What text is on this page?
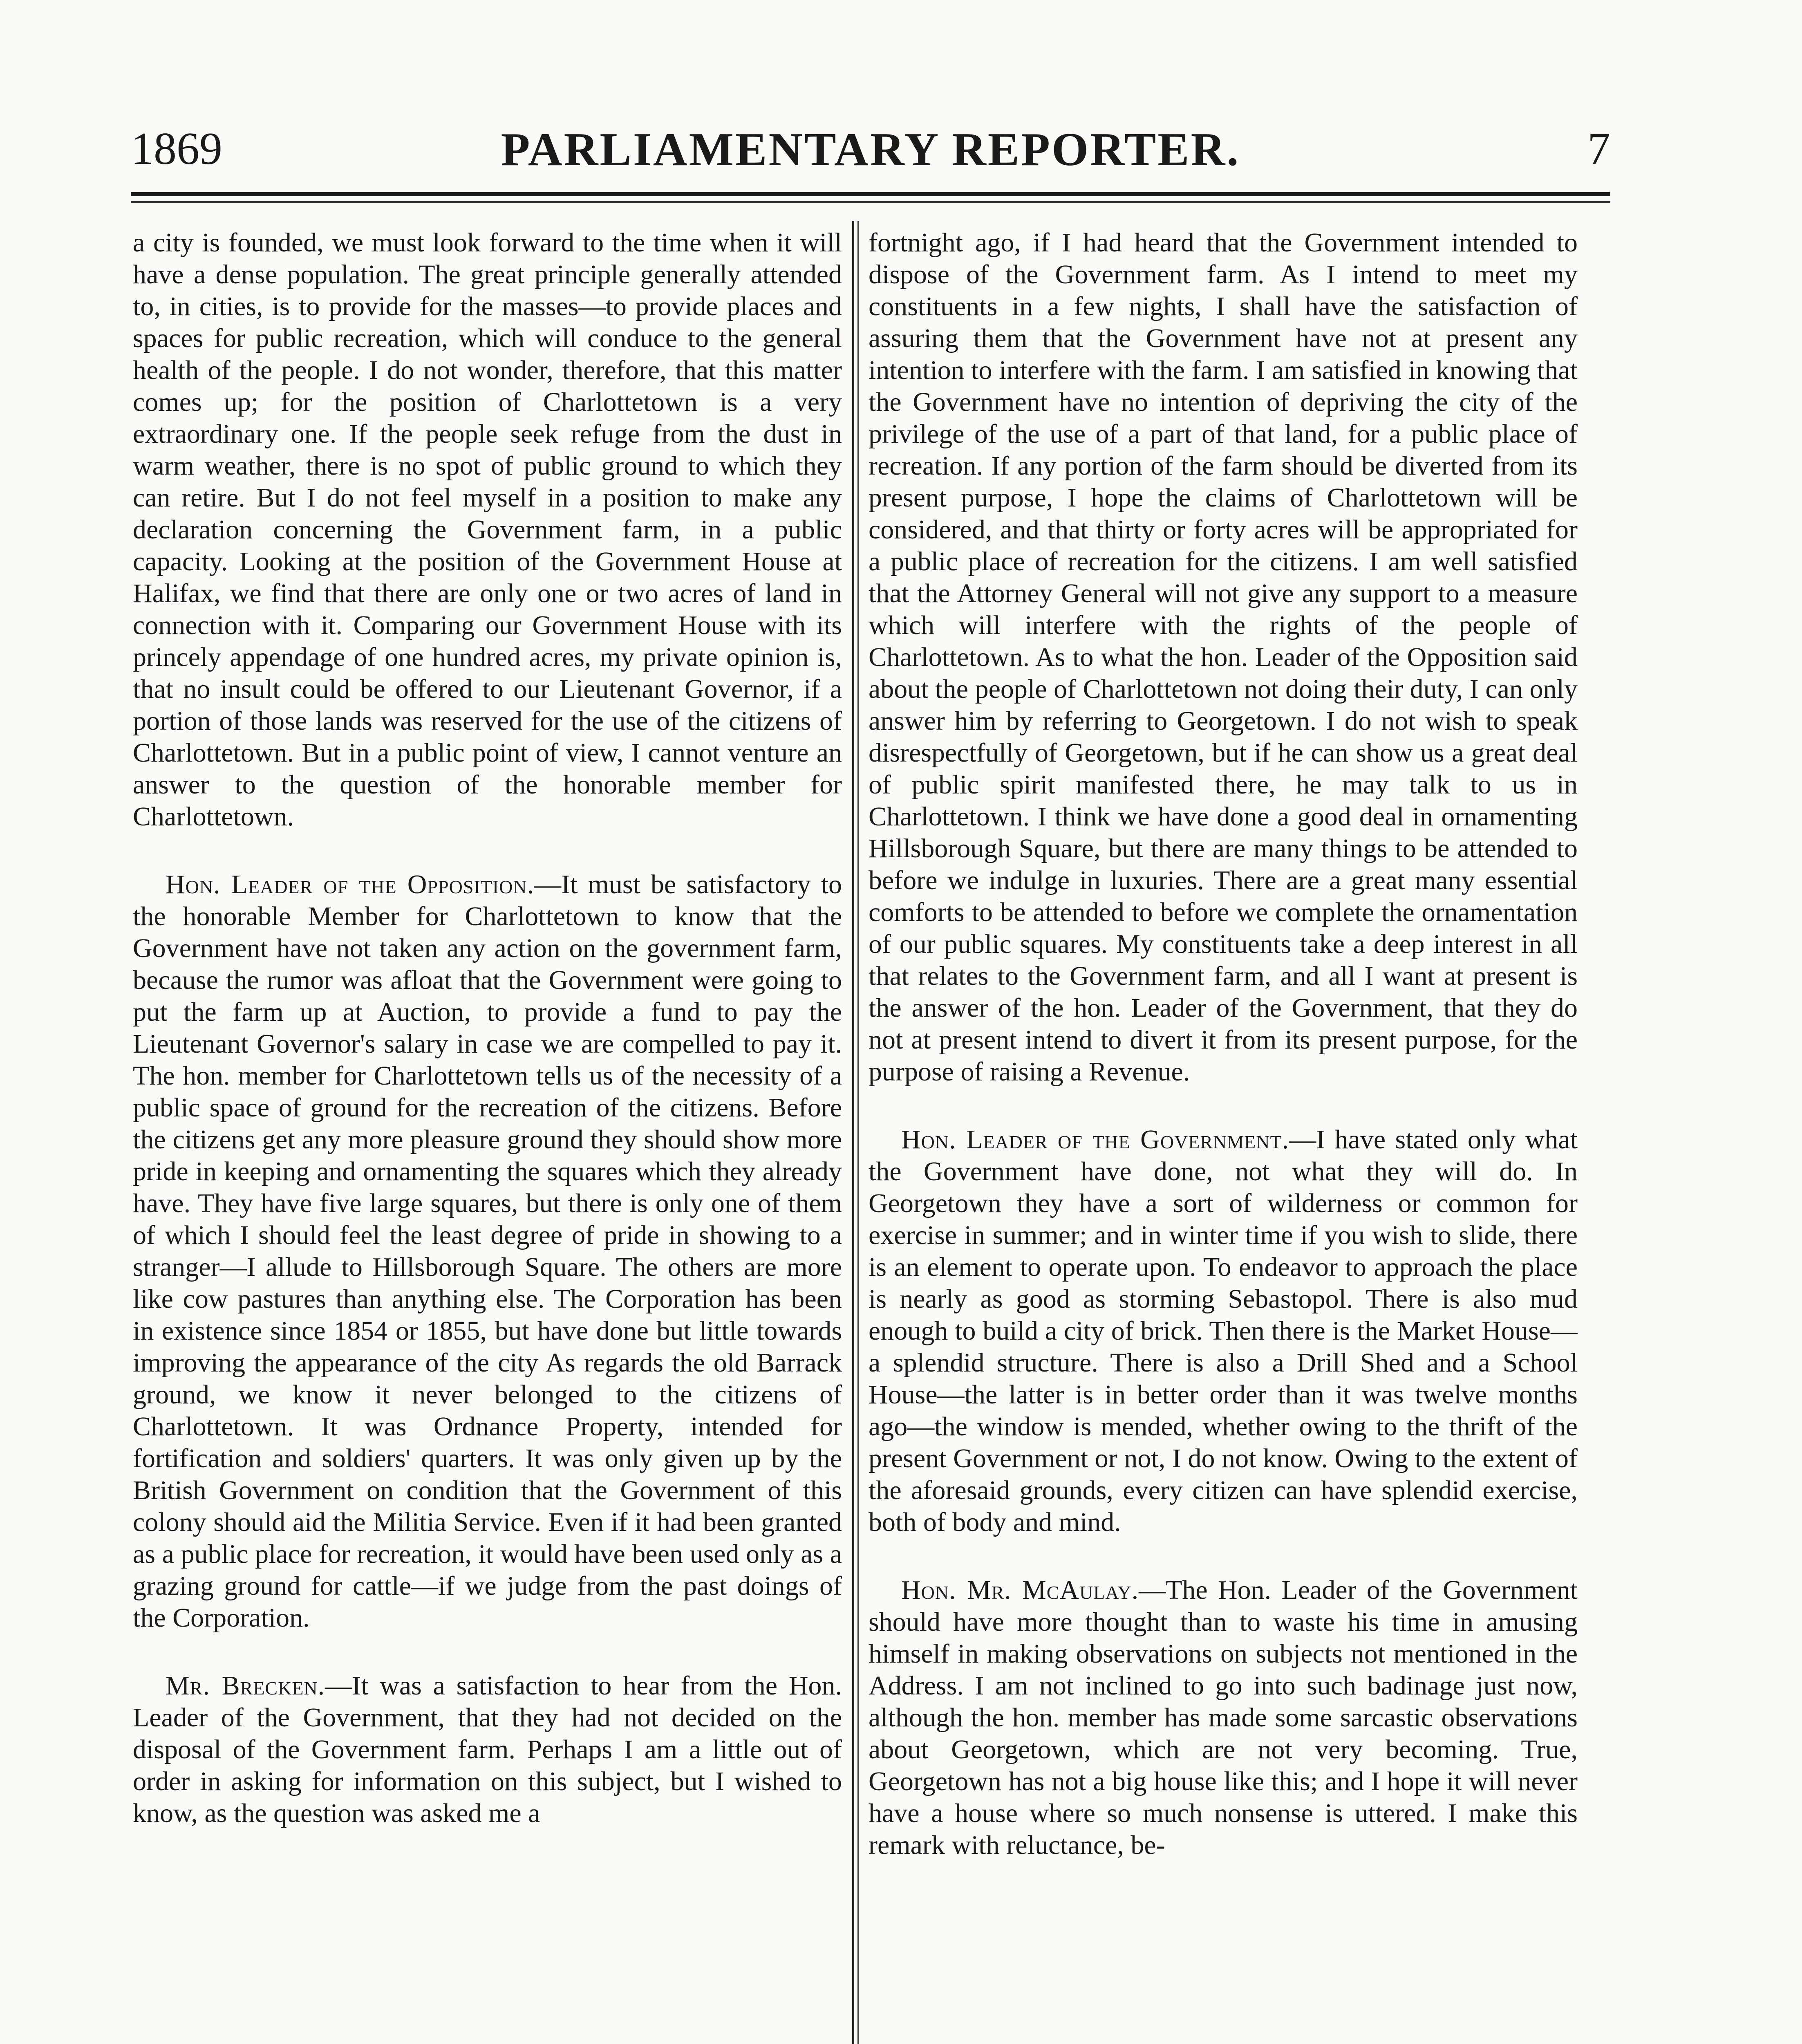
1869	PARLIAMENTARY REPORTER.	7

a city is founded, we must look forward to the time when it will have a dense population. The great principle generally attended to, in cities, is to provide for the masses—to provide places and spaces for public recreation, which will conduce to the general health of the people. I do not wonder, therefore, that this matter comes up; for the position of Charlottetown is a very extraordinary one. If the people seek refuge from the dust in warm weather, there is no spot of public ground to which they can retire. But I do not feel myself in a position to make any declaration concerning the Government farm, in a public capacity. Looking at the position of the Government House at Halifax, we find that there are only one or two acres of land in connection with it. Comparing our Government House with its princely appendage of one hundred acres, my private opinion is, that no insult could be offered to our Lieutenant Governor, if a portion of those lands was reserved for the use of the citizens of Charlottetown. But in a public point of view, I cannot venture an answer to the question of the honorable member for Charlottetown.

Hon. Leader of the Opposition.—It must be satisfactory to the honorable Member for Charlottetown to know that the Government have not taken any action on the government farm, because the rumor was afloat that the Government were going to put the farm up at Auction, to provide a fund to pay the Lieutenant Governor's salary in case we are compelled to pay it. The hon. member for Charlottetown tells us of the necessity of a public space of ground for the recreation of the citizens. Before the citizens get any more pleasure ground they should show more pride in keeping and ornamenting the squares which they already have. They have five large squares, but there is only one of them of which I should feel the least degree of pride in showing to a stranger—I allude to Hillsborough Square. The others are more like cow pastures than anything else. The Corporation has been in existence since 1854 or 1855, but have done but little towards improving the appearance of the city As regards the old Barrack ground, we know it never belonged to the citizens of Charlottetown. It was Ordnance Property, intended for fortification and soldiers' quarters. It was only given up by the British Government on condition that the Government of this colony should aid the Militia Service. Even if it had been granted as a public place for recreation, it would have been used only as a grazing ground for cattle—if we judge from the past doings of the Corporation.

Mr. Brecken.—It was a satisfaction to hear from the Hon. Leader of the Government, that they had not decided on the disposal of the Government farm. Perhaps I am a little out of order in asking for information on this subject, but I wished to know, as the question was asked me a

fortnight ago, if I had heard that the Government intended to dispose of the Government farm. As I intend to meet my constituents in a few nights, I shall have the satisfaction of assuring them that the Government have not at present any intention to interfere with the farm. I am satisfied in knowing that the Government have no intention of depriving the city of the privilege of the use of a part of that land, for a public place of recreation. If any portion of the farm should be diverted from its present purpose, I hope the claims of Charlottetown will be considered, and that thirty or forty acres will be appropriated for a public place of recreation for the citizens. I am well satisfied that the Attorney General will not give any support to a measure which will interfere with the rights of the people of Charlottetown. As to what the hon. Leader of the Opposition said about the people of Charlottetown not doing their duty, I can only answer him by referring to Georgetown. I do not wish to speak disrespectfully of Georgetown, but if he can show us a great deal of public spirit manifested there, he may talk to us in Charlottetown. I think we have done a good deal in ornamenting Hillsborough Square, but there are many things to be attended to before we indulge in luxuries. There are a great many essential comforts to be attended to before we complete the ornamentation of our public squares. My constituents take a deep interest in all that relates to the Government farm, and all I want at present is the answer of the hon. Leader of the Government, that they do not at present intend to divert it from its present purpose, for the purpose of raising a Revenue.

Hon. Leader of the Government.—I have stated only what the Government have done, not what they will do. In Georgetown they have a sort of wilderness or common for exercise in summer; and in winter time if you wish to slide, there is an element to operate upon. To endeavor to approach the place is nearly as good as storming Sebastopol. There is also mud enough to build a city of brick. Then there is the Market House—a splendid structure. There is also a Drill Shed and a School House—the latter is in better order than it was twelve months ago—the window is mended, whether owing to the thrift of the present Government or not, I do not know. Owing to the extent of the aforesaid grounds, every citizen can have splendid exercise, both of body and mind.

Hon. Mr. McAulay.—The Hon. Leader of the Government should have more thought than to waste his time in amusing himself in making observations on subjects not mentioned in the Address. I am not inclined to go into such badinage just now, although the hon. member has made some sarcastic observations about Georgetown, which are not very becoming. True, Georgetown has not a big house like this; and I hope it will never have a house where so much nonsense is uttered. I make this remark with reluctance, be-
